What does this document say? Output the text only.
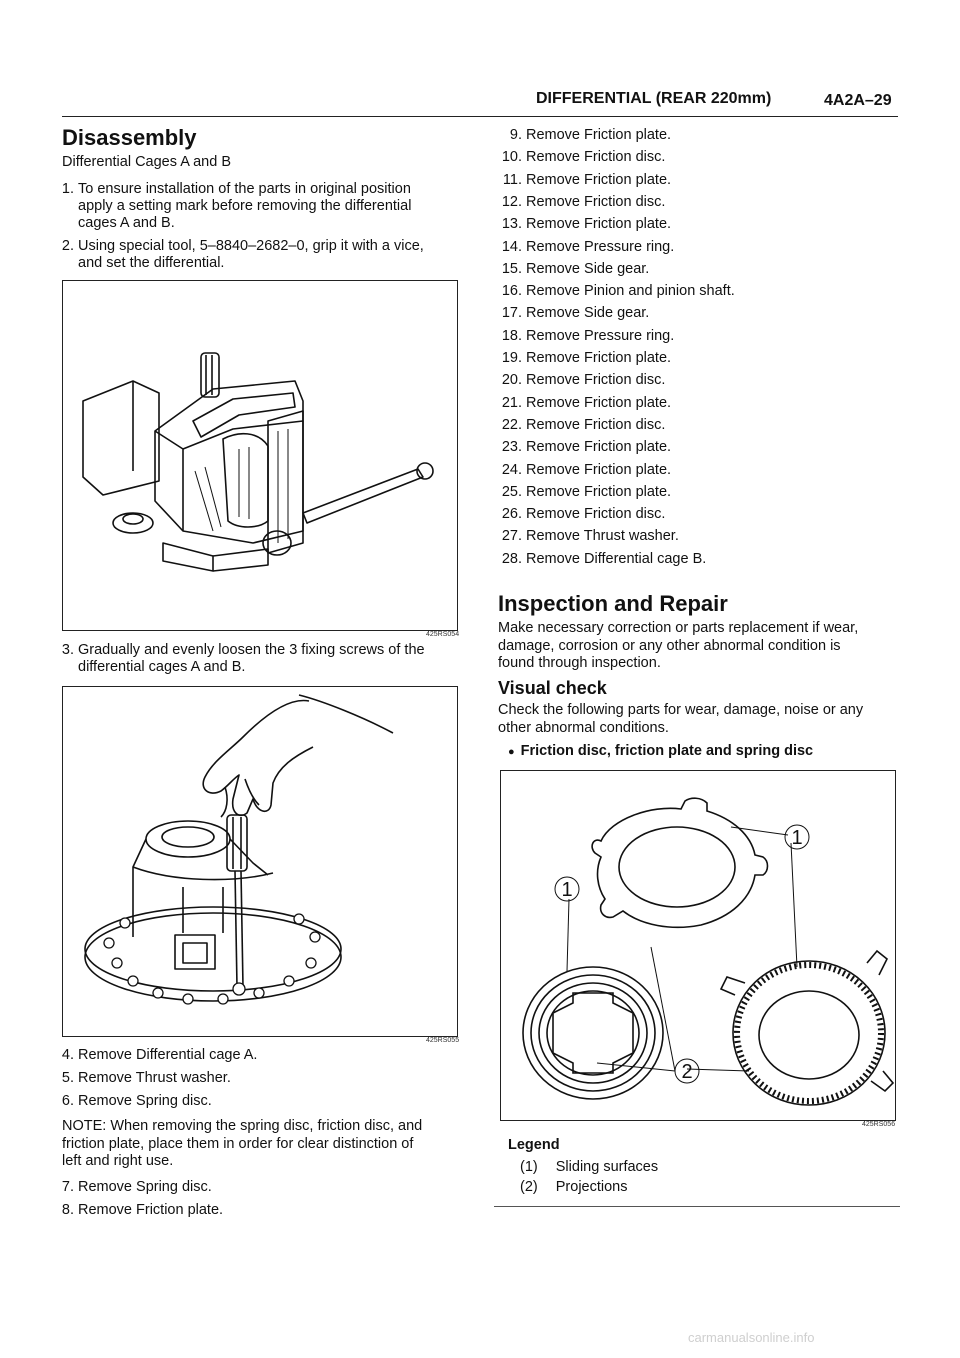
DIFFERENTIAL (REAR 220mm)	4A2A–29
Disassembly
Differential Cages A and B
1. To ensure installation of the parts in original position
apply a setting mark before removing the differential
cages A and B.
2. Using special tool, 5–8840–2682–0, grip it with a vice,
and set the differential.
425RS054
3. Gradually and evenly loosen the 3 fixing screws of the
differential cages A and B.
425RS055
4. Remove Differential cage A.
5. Remove Thrust washer.
6. Remove Spring disc.
NOTE: When removing the spring disc, friction disc, and
friction plate, place them in order for clear distinction of
left and right use.
7. Remove Spring disc.
8. Remove Friction plate.
9. Remove Friction plate.
10. Remove Friction disc.
11. Remove Friction plate.
12. Remove Friction disc.
13. Remove Friction plate.
14. Remove Pressure ring.
15. Remove Side gear.
16. Remove Pinion and pinion shaft.
17. Remove Side gear.
18. Remove Pressure ring.
19. Remove Friction plate.
20. Remove Friction disc.
21. Remove Friction plate.
22. Remove Friction disc.
23. Remove Friction plate.
24. Remove Friction plate.
25. Remove Friction plate.
26. Remove Friction disc.
27. Remove Thrust washer.
28. Remove Differential cage B.
Inspection and Repair
Make necessary correction or parts replacement if wear,
damage, corrosion or any other abnormal condition is
found through inspection.
Visual check
Check the following parts for wear, damage, noise or any
other abnormal conditions.
● Friction disc, friction plate and spring disc
1
1
2
425RS056
Legend
(1) Sliding surfaces
(2) Projections
carmanualsonline.info
